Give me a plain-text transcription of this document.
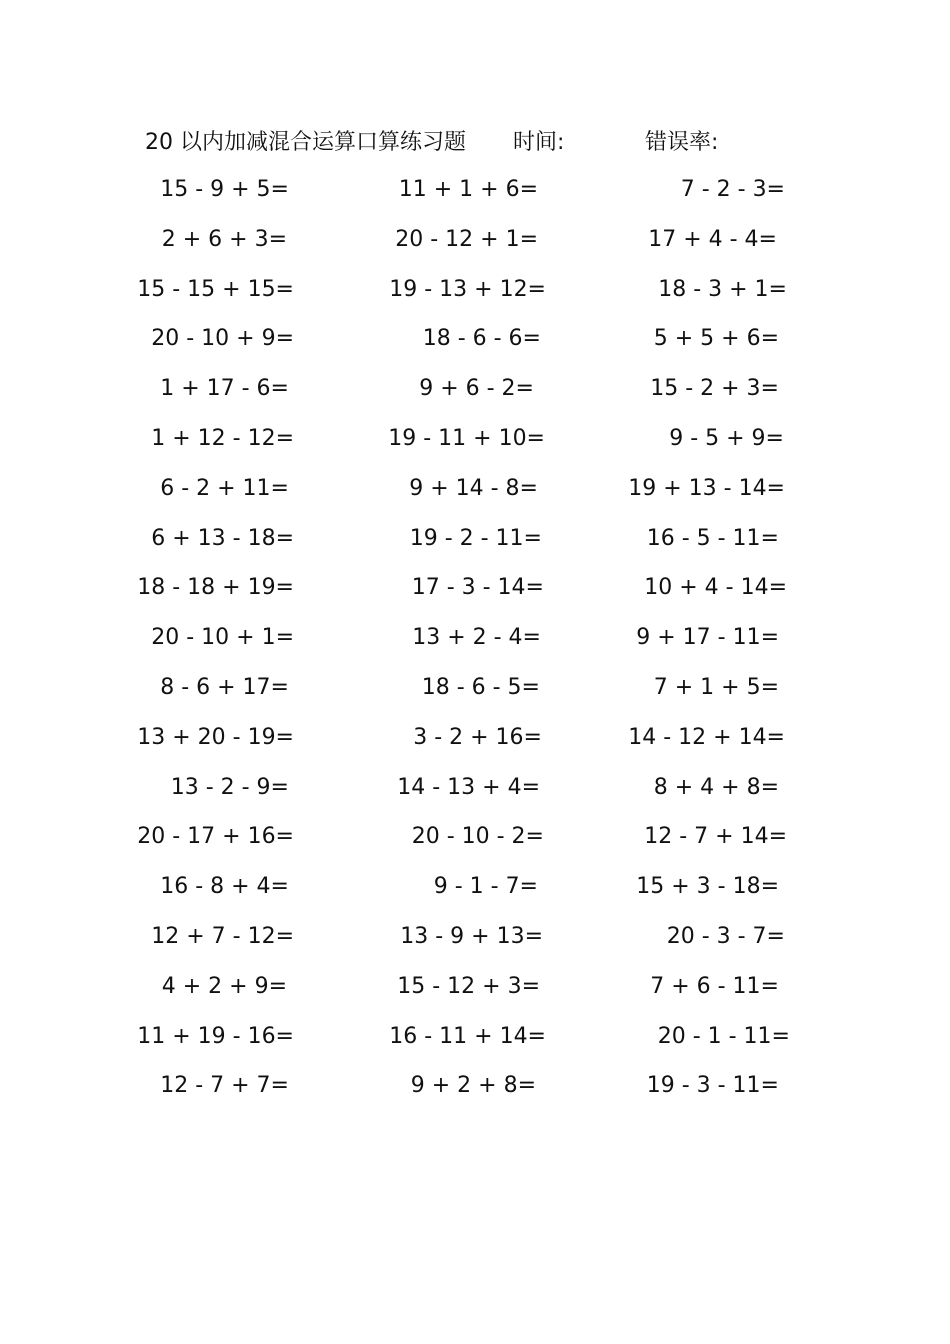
20 以内加减混合运算口算练习题 时间:	错误率:
15 - 9 + 5=	11 + 1 + 6=	7 - 2 - 3=
2 + 6 + 3=	20 - 12 + 1=	17 + 4 - 4=
15 - 15 + 15=	19 - 13 + 12=	18 - 3 + 1=
20 - 10 + 9=	18 - 6 - 6=	5 + 5 + 6=
1 + 17 - 6=	9 + 6 - 2=	15 - 2 + 3=
1 + 12 - 12=	19 - 11 + 10=	9 - 5 + 9=
6 - 2 + 11=	9 + 14 - 8=	19 + 13 - 14=
6 + 13 - 18=	19 - 2 - 11=	16 - 5 - 11=
18 - 18 + 19=	17 - 3 - 14=	10 + 4 - 14=
20 - 10 + 1=	13 + 2 - 4=	9 + 17 - 11=
8 - 6 + 17=	18 - 6 - 5=	7 + 1 + 5=
13 + 20 - 19=	3 - 2 + 16=	14 - 12 + 14=
13 - 2 - 9=	14 - 13 + 4=	8 + 4 + 8=
20 - 17 + 16=	20 - 10 - 2=	12 - 7 + 14=
16 - 8 + 4=	9 - 1 - 7=	15 + 3 - 18=
12 + 7 - 12=	13 - 9 + 13=	20 - 3 - 7=
4 + 2 + 9=	15 - 12 + 3=	7 + 6 - 11=
11 + 19 - 16=	16 - 11 + 14=	20 - 1 - 11=
12 - 7 + 7=	9 + 2 + 8=	19 - 3 - 11=
